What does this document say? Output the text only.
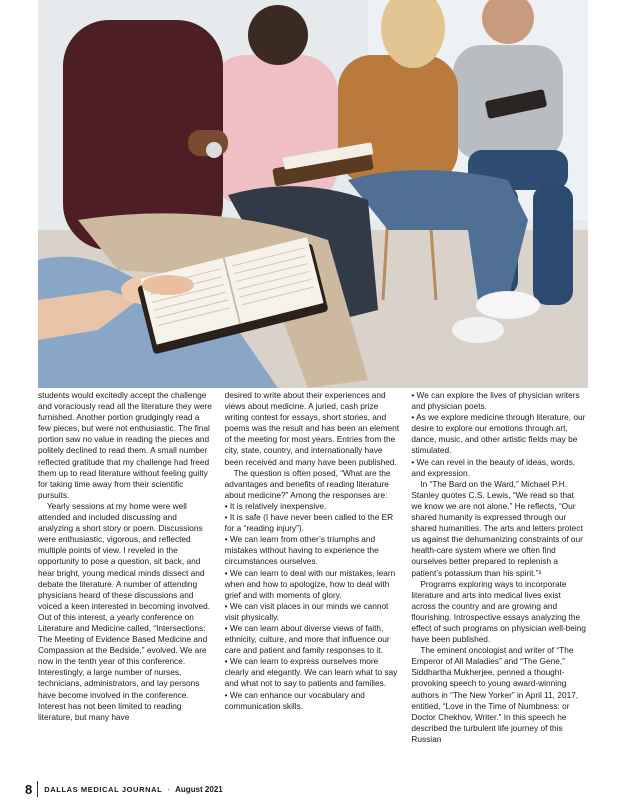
students would excitedly accept the challenge and voraciously read all the literature they were furnished. Another portion grudgingly read a few pieces, but were not enthusiastic. The final portion saw no value in reading the pieces and politely declined to read them. A small number reflected gratitude that my challenge had freed them up to read literature without feeling guilty for taking time away from their scientific pursuits.

Yearly sessions at my home were well attended and included discussing and analyzing a short story or poem. Discussions were enthusiastic, vigorous, and reflected multiple points of view. I reveled in the opportunity to pose a question, sit back, and hear bright, young medical minds dissect and debate the literature. A number of attending physicians heard of these discussions and voiced a keen interested in becoming involved. Out of this interest, a yearly conference on Literature and Medicine called, “Intersections: The Meeting of Evidence Based Medicine and Compassion at the Bedside,” evolved. We are now in the tenth year of this conference. Interestingly, a large number of nurses, technicians, administrators, and lay persons have become involved in the conference. Interest has not been limited to reading literature, but many have

desired to write about their experiences and views about medicine. A juried, cash prize writing contest for essays, short stories, and poems was the result and has been an element of the meeting for most years. Entries from the city, state, country, and internationally have been received and many have been published.

The question is often posed, “What are the advantages and benefits of reading literature about medicine?” Among the responses are:

• It is relatively inexpensive.

• It is safe (I have never been called to the ER for a “reading injury”).

• We can learn from other’s triumphs and mistakes without having to experience the circumstances ourselves.

• We can learn to deal with our mistakes, learn when and how to apologize, how to deal with grief and with moments of glory.

• We can visit places in our minds we cannot visit physically.

• We can learn about diverse views of faith, ethnicity, culture, and more that influence our care and patient and family responses to it.

• We can learn to express ourselves more clearly and elegantly. We can learn what to say and what not to say to patients and families.

• We can enhance our vocabulary and communication skills.

• We can explore the lives of physician writers and physician poets.

• As we explore medicine through literature, our desire to explore our emotions through art, dance, music, and other artistic fields may be stimulated.

• We can revel in the beauty of ideas, words, and expression.

In “The Bard on the Ward,” Michael P.H. Stanley quotes C.S. Lewis, “We read so that we know we are not alone.” He reflects, “Our shared humanity is expressed through our shared humanities. The arts and letters protect us against the dehumanizing constraints of our health-care system where we often find ourselves better prepared to replenish a patient’s potassium than his spirit.”²

Programs exploring ways to incorporate literature and arts into medical lives exist across the country and are growing and flourishing. Introspective essays analyzing the effect of such programs on physician well-being have been published.

The eminent oncologist and writer of “The Emperor of All Maladies” and “The Gene,” Siddhartha Mukherjee, penned a thought-provoking speech to young award-winning authors in “The New Yorker” in April 11, 2017, entitled, “Love in the Time of Numbness: or Doctor Chekhov, Writer.” In this speech he described the turbulent life journey of this Russian

8 DALLAS MEDICAL JOURNAL · August 2021
